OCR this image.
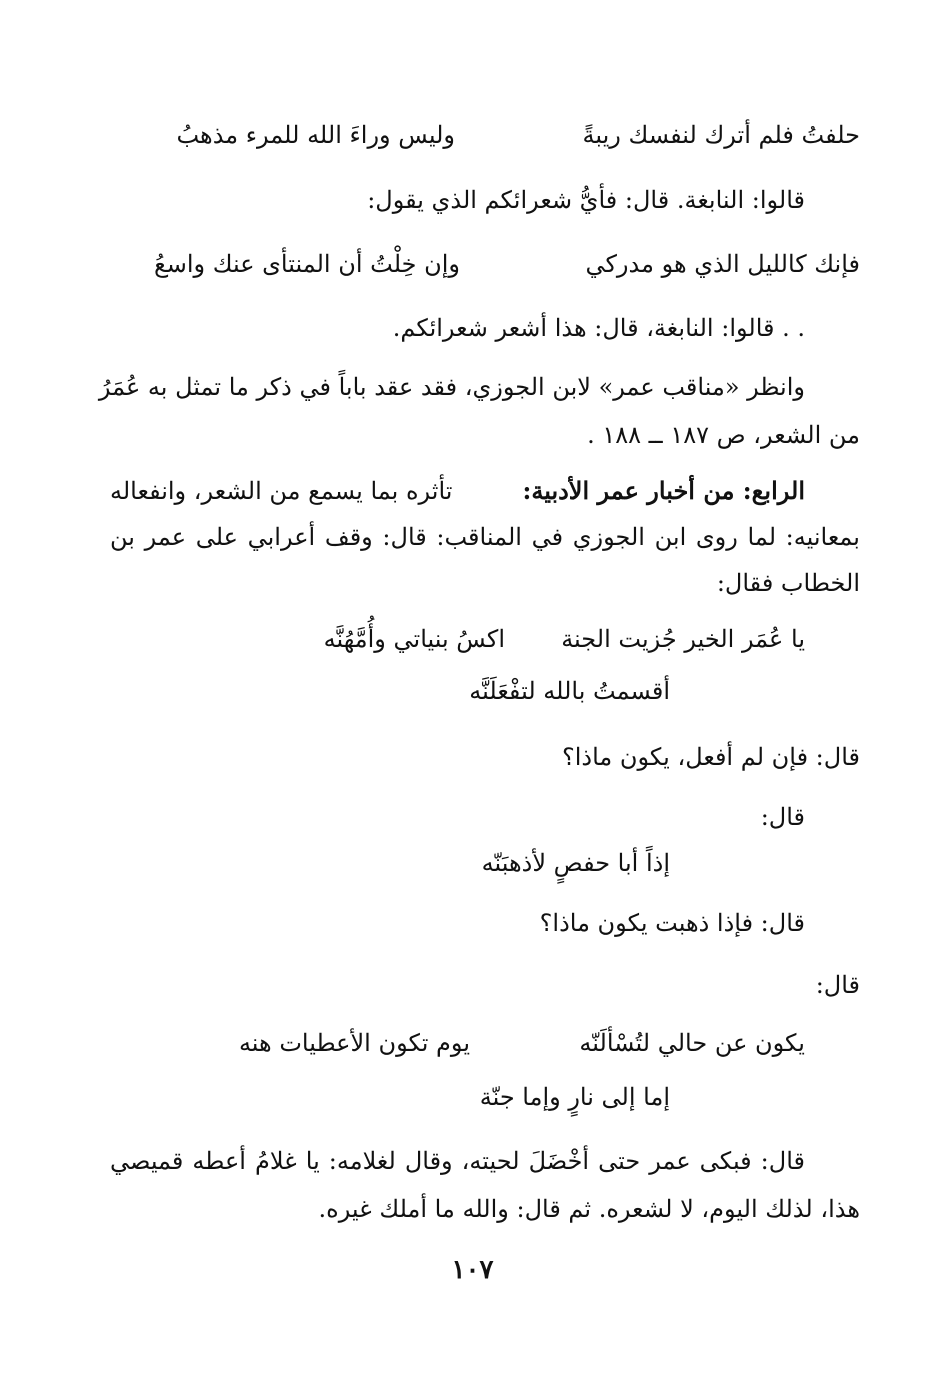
حلفتُ فلم أترك لنفسك ريبةً
وليس وراءَ الله للمرء مذهبُ
قالوا: النابغة. قال: فأيُّ شعرائكم الذي يقول:
فإنك كالليل الذي هو مدركي
وإن خِلْتُ أن المنتأى عنك واسعُ
. . قالوا: النابغة، قال: هذا أشعر شعرائكم.
وانظر «مناقب عمر» لابن الجوزي، فقد عقد باباً في ذكر ما تمثل به عُمَرُ
من الشعر، ص ١٨٧ ــ ١٨٨ .
الرابع: من أخبار عمر الأدبية:
تأثره بما يسمع من الشعر، وانفعاله
بمعانيه: لما روى ابن الجوزي في المناقب: قال: وقف أعرابي على عمر بن
الخطاب فقال:
يا عُمَر الخير جُزيت الجنة
اكسُ بنياتي وأُمَّهُنَّه
أقسمتُ بالله لتفْعَلَنَّه
قال: فإن لم أفعل، يكون ماذا؟
قال:
إذاً أبا حفصٍ لأذهبَنّه
قال: فإذا ذهبت يكون ماذا؟
قال:
يكون عن حالي لتُسْألَنّه
يوم تكون الأعطيات هنه
إما إلى نارٍ وإما جنّة
قال: فبكى عمر حتى أخْضَلَ لحيته، وقال لغلامه: يا غلامُ أعطه قميصي
هذا، لذلك اليوم، لا لشعره. ثم قال: والله ما أملك غيره.
١٠٧
